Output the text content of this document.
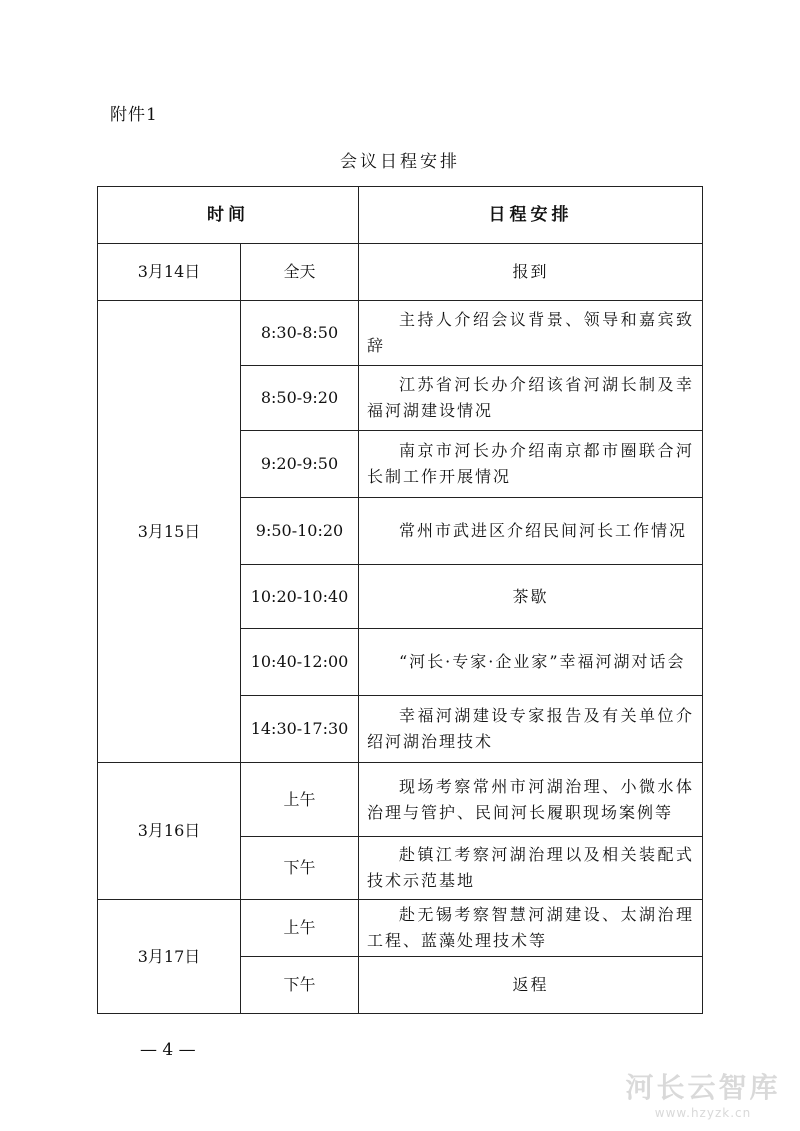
附件1
会议日程安排
时间		日程安排
3月14日	全天	报到
3月15日	8:30-8:50	主持人介绍会议背景、领导和嘉宾致辞
	8:50-9:20	江苏省河长办介绍该省河湖长制及幸福河湖建设情况
	9:20-9:50	南京市河长办介绍南京都市圈联合河长制工作开展情况
	9:50-10:20	常州市武进区介绍民间河长工作情况
	10:20-10:40	茶歇
	10:40-12:00	“河长·专家·企业家”幸福河湖对话会
	14:30-17:30	幸福河湖建设专家报告及有关单位介绍河湖治理技术
3月16日	上午	现场考察常州市河湖治理、小微水体治理与管护、民间河长履职现场案例等
	下午	赴镇江考察河湖治理以及相关装配式技术示范基地
3月17日	上午	赴无锡考察智慧河湖建设、太湖治理工程、蓝藻处理技术等
	下午	返程
— 4 —
河长云智库
www.hzyzk.cn
